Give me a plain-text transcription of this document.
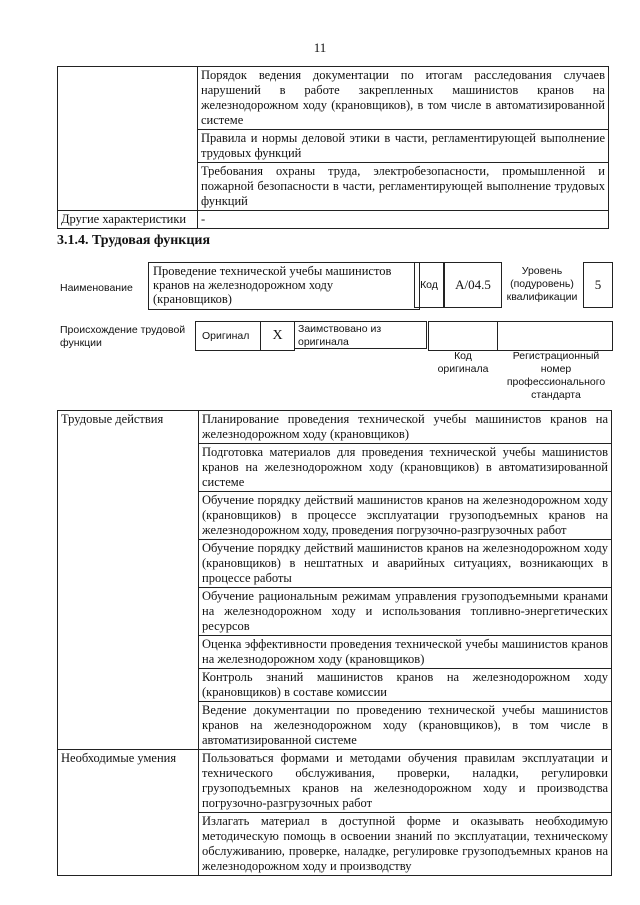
11
	Порядок ведения документации по итогам расследования случаев нарушений в работе закрепленных машинистов кранов на железнодорожном ходу (крановщиков), в том числе в автоматизированной системе
	Правила и нормы деловой этики в части, регламентирующей выполнение трудовых функций
	Требования охраны труда, электробезопасности, промышленной и пожарной безопасности в части, регламентирующей выполнение трудовых функций
Другие характеристики	-
3.1.4. Трудовая функция
Наименование
Проведение технической учебы машинистов кранов на железнодорожном ходу (крановщиков)
Код	А/04.5
Уровень (подуровень) квалификации
5
Происхождение трудовой функции
Оригинал	X	Заимствовано из оригинала
Код оригинала
Регистрационный номер профессионального стандарта
Трудовые действия	Планирование проведения технической учебы машинистов кранов на железнодорожном ходу (крановщиков)
	Подготовка материалов для проведения технической учебы машинистов кранов на железнодорожном ходу (крановщиков) в автоматизированной системе
	Обучение порядку действий машинистов кранов на железнодорожном ходу (крановщиков) в процессе эксплуатации грузоподъемных кранов на железнодорожном ходу, проведения погрузочно-разгрузочных работ
	Обучение порядку действий машинистов кранов на железнодорожном ходу (крановщиков) в нештатных и аварийных ситуациях, возникающих в процессе работы
	Обучение рациональным режимам управления грузоподъемными кранами на железнодорожном ходу и использования топливно-энергетических ресурсов
	Оценка эффективности проведения технической учебы машинистов кранов на железнодорожном ходу (крановщиков)
	Контроль знаний машинистов кранов на железнодорожном ходу (крановщиков) в составе комиссии
	Ведение документации по проведению технической учебы машинистов кранов на железнодорожном ходу (крановщиков), в том числе в автоматизированной системе
Необходимые умения	Пользоваться формами и методами обучения правилам эксплуатации и технического обслуживания, проверки, наладки, регулировки грузоподъемных кранов на железнодорожном ходу и производства погрузочно-разгрузочных работ
	Излагать материал в доступной форме и оказывать необходимую методическую помощь в освоении знаний по эксплуатации, техническому обслуживанию, проверке, наладке, регулировке грузоподъемных кранов на железнодорожном ходу и производству
